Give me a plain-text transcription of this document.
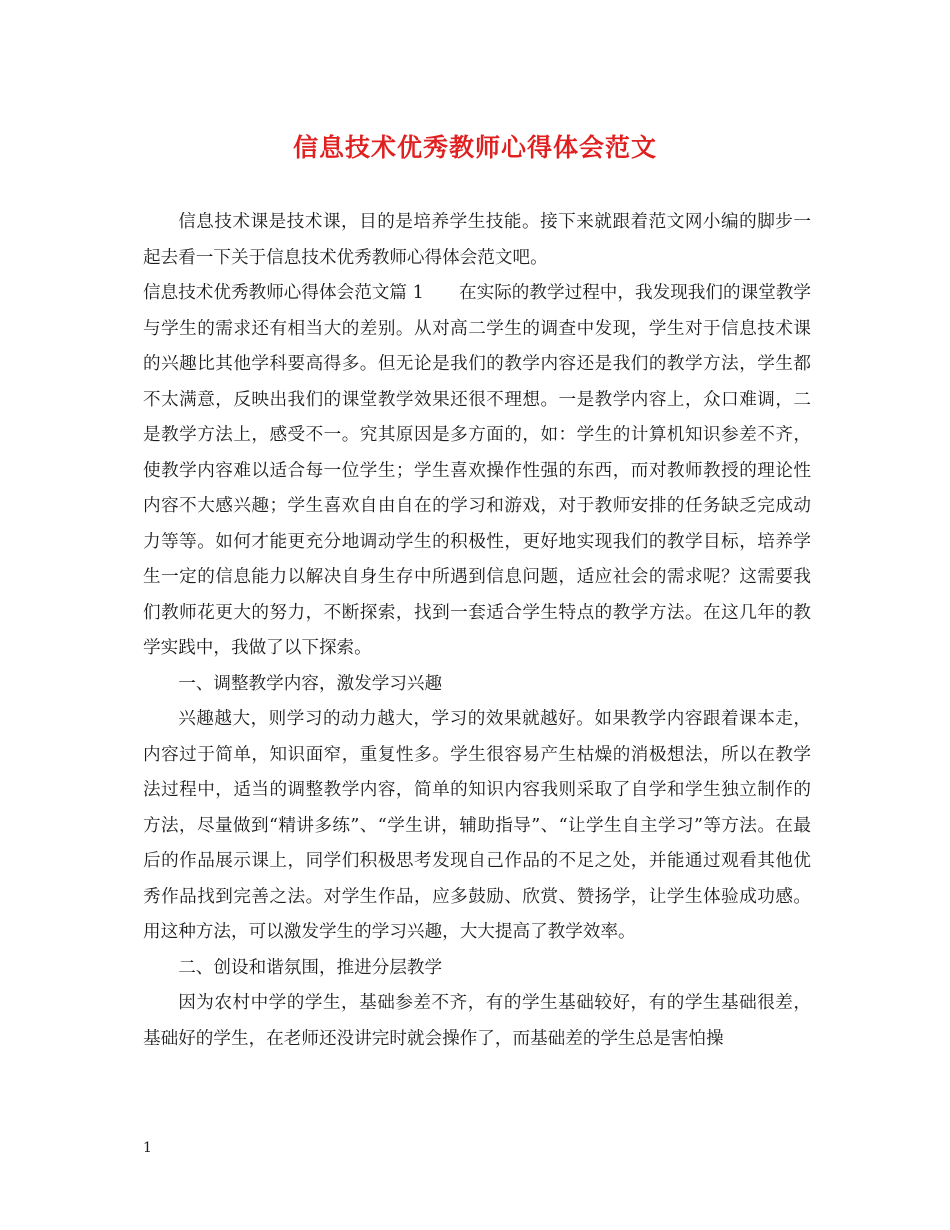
信息技术优秀教师心得体会范文

信息技术课是技术课，目的是培养学生技能。接下来就跟着范文网小编的脚步一起去看一下关于信息技术优秀教师心得体会范文吧。

信息技术优秀教师心得体会范文篇 1 在实际的教学过程中，我发现我们的课堂教学与学生的需求还有相当大的差别。从对高二学生的调查中发现，学生对于信息技术课的兴趣比其他学科要高得多。但无论是我们的教学内容还是我们的教学方法，学生都不太满意，反映出我们的课堂教学效果还很不理想。一是教学内容上，众口难调，二是教学方法上，感受不一。究其原因是多方面的，如：学生的计算机知识参差不齐，使教学内容难以适合每一位学生；学生喜欢操作性强的东西，而对教师教授的理论性内容不大感兴趣；学生喜欢自由自在的学习和游戏，对于教师安排的任务缺乏完成动力等等。如何才能更充分地调动学生的积极性，更好地实现我们的教学目标，培养学生一定的信息能力以解决自身生存中所遇到信息问题，适应社会的需求呢？这需要我们教师花更大的努力，不断探索，找到一套适合学生特点的教学方法。在这几年的教学实践中，我做了以下探索。

一、调整教学内容，激发学习兴趣

兴趣越大，则学习的动力越大，学习的效果就越好。如果教学内容跟着课本走，内容过于简单，知识面窄，重复性多。学生很容易产生枯燥的消极想法，所以在教学法过程中，适当的调整教学内容，简单的知识内容我则采取了自学和学生独立制作的方法，尽量做到“精讲多练”、“学生讲，辅助指导”、“让学生自主学习”等方法。在最后的作品展示课上，同学们积极思考发现自己作品的不足之处，并能通过观看其他优秀作品找到完善之法。对学生作品，应多鼓励、欣赏、赞扬学，让学生体验成功感。用这种方法，可以激发学生的学习兴趣，大大提高了教学效率。

二、创设和谐氛围，推进分层教学

因为农村中学的学生，基础参差不齐，有的学生基础较好，有的学生基础很差，基础好的学生，在老师还没讲完时就会操作了，而基础差的学生总是害怕操

1
